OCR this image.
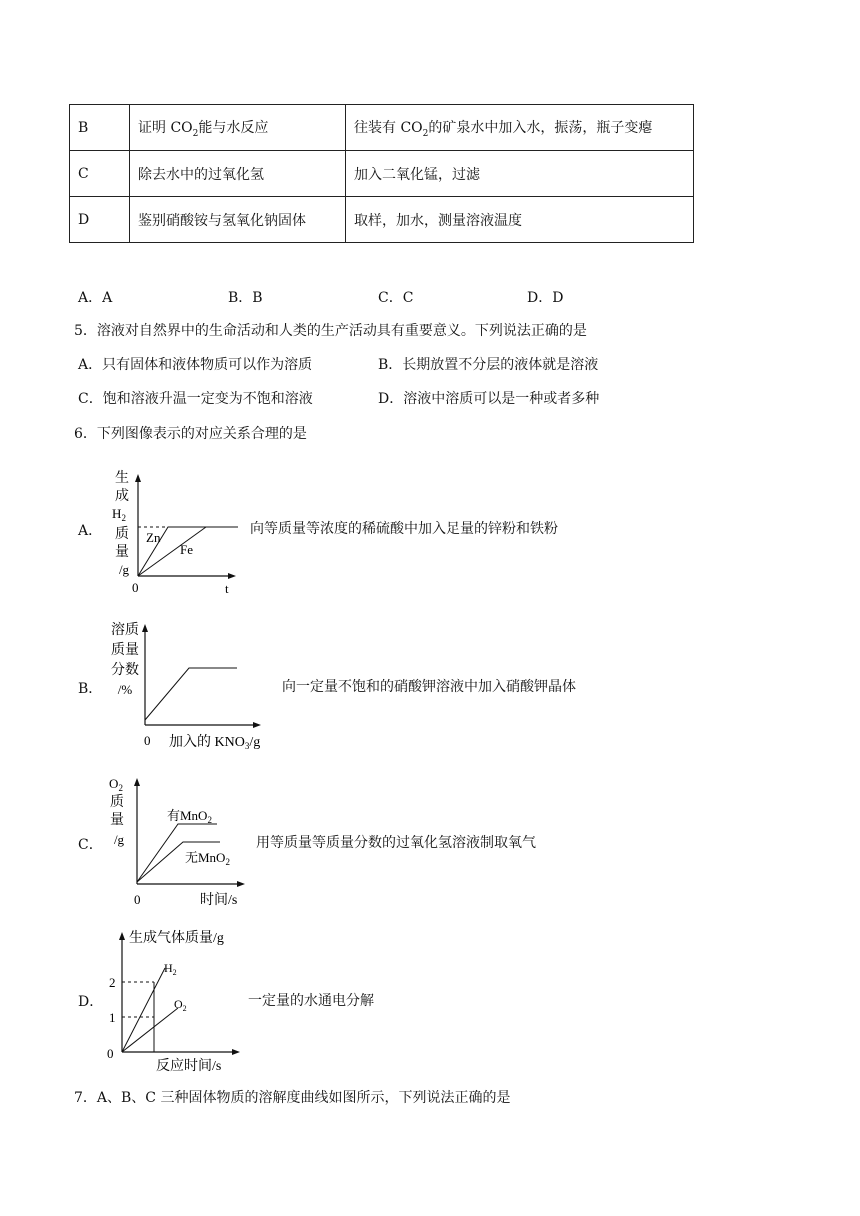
B	证明 $CO_2$能与水反应	往装有 $CO_2$的矿泉水中加入水，振荡，瓶子变瘪
C	除去水中的过氧化氢	加入二氧化锰，过滤
D	鉴别硝酸铵与氢氧化钠固体	取样，加水，测量溶液温度
A．A	B．B	C．C	D．D
5．溶液对自然界中的生命活动和人类的生产活动具有重要意义。下列说法正确的是
A．只有固体和液体物质可以作为溶质	B．长期放置不分层的液体就是溶液
C．饱和溶液升温一定变为不饱和溶液	D．溶液中溶质可以是一种或者多种
6．下列图像表示的对应关系合理的是
A．
生
成
$H_2$
质
量
/g
Zn
Fe
0	t
向等质量等浓度的稀硫酸中加入足量的锌粉和铁粉
B．
溶质
质量
分数
/%
0 加入的 $KNO_3/g$
向一定量不饱和的硝酸钾溶液中加入硝酸钾晶体
C．
$O_2$
质
量
/g
有MnO$_2$
无MnO$_2$
0	时间/s
用等质量等质量分数的过氧化氢溶液制取氧气
D．
生成气体质量/g
2
1
$H_2$
$O_2$
0
反应时间/s
一定量的水通电分解
7．A、B、C 三种固体物质的溶解度曲线如图所示，下列说法正确的是
